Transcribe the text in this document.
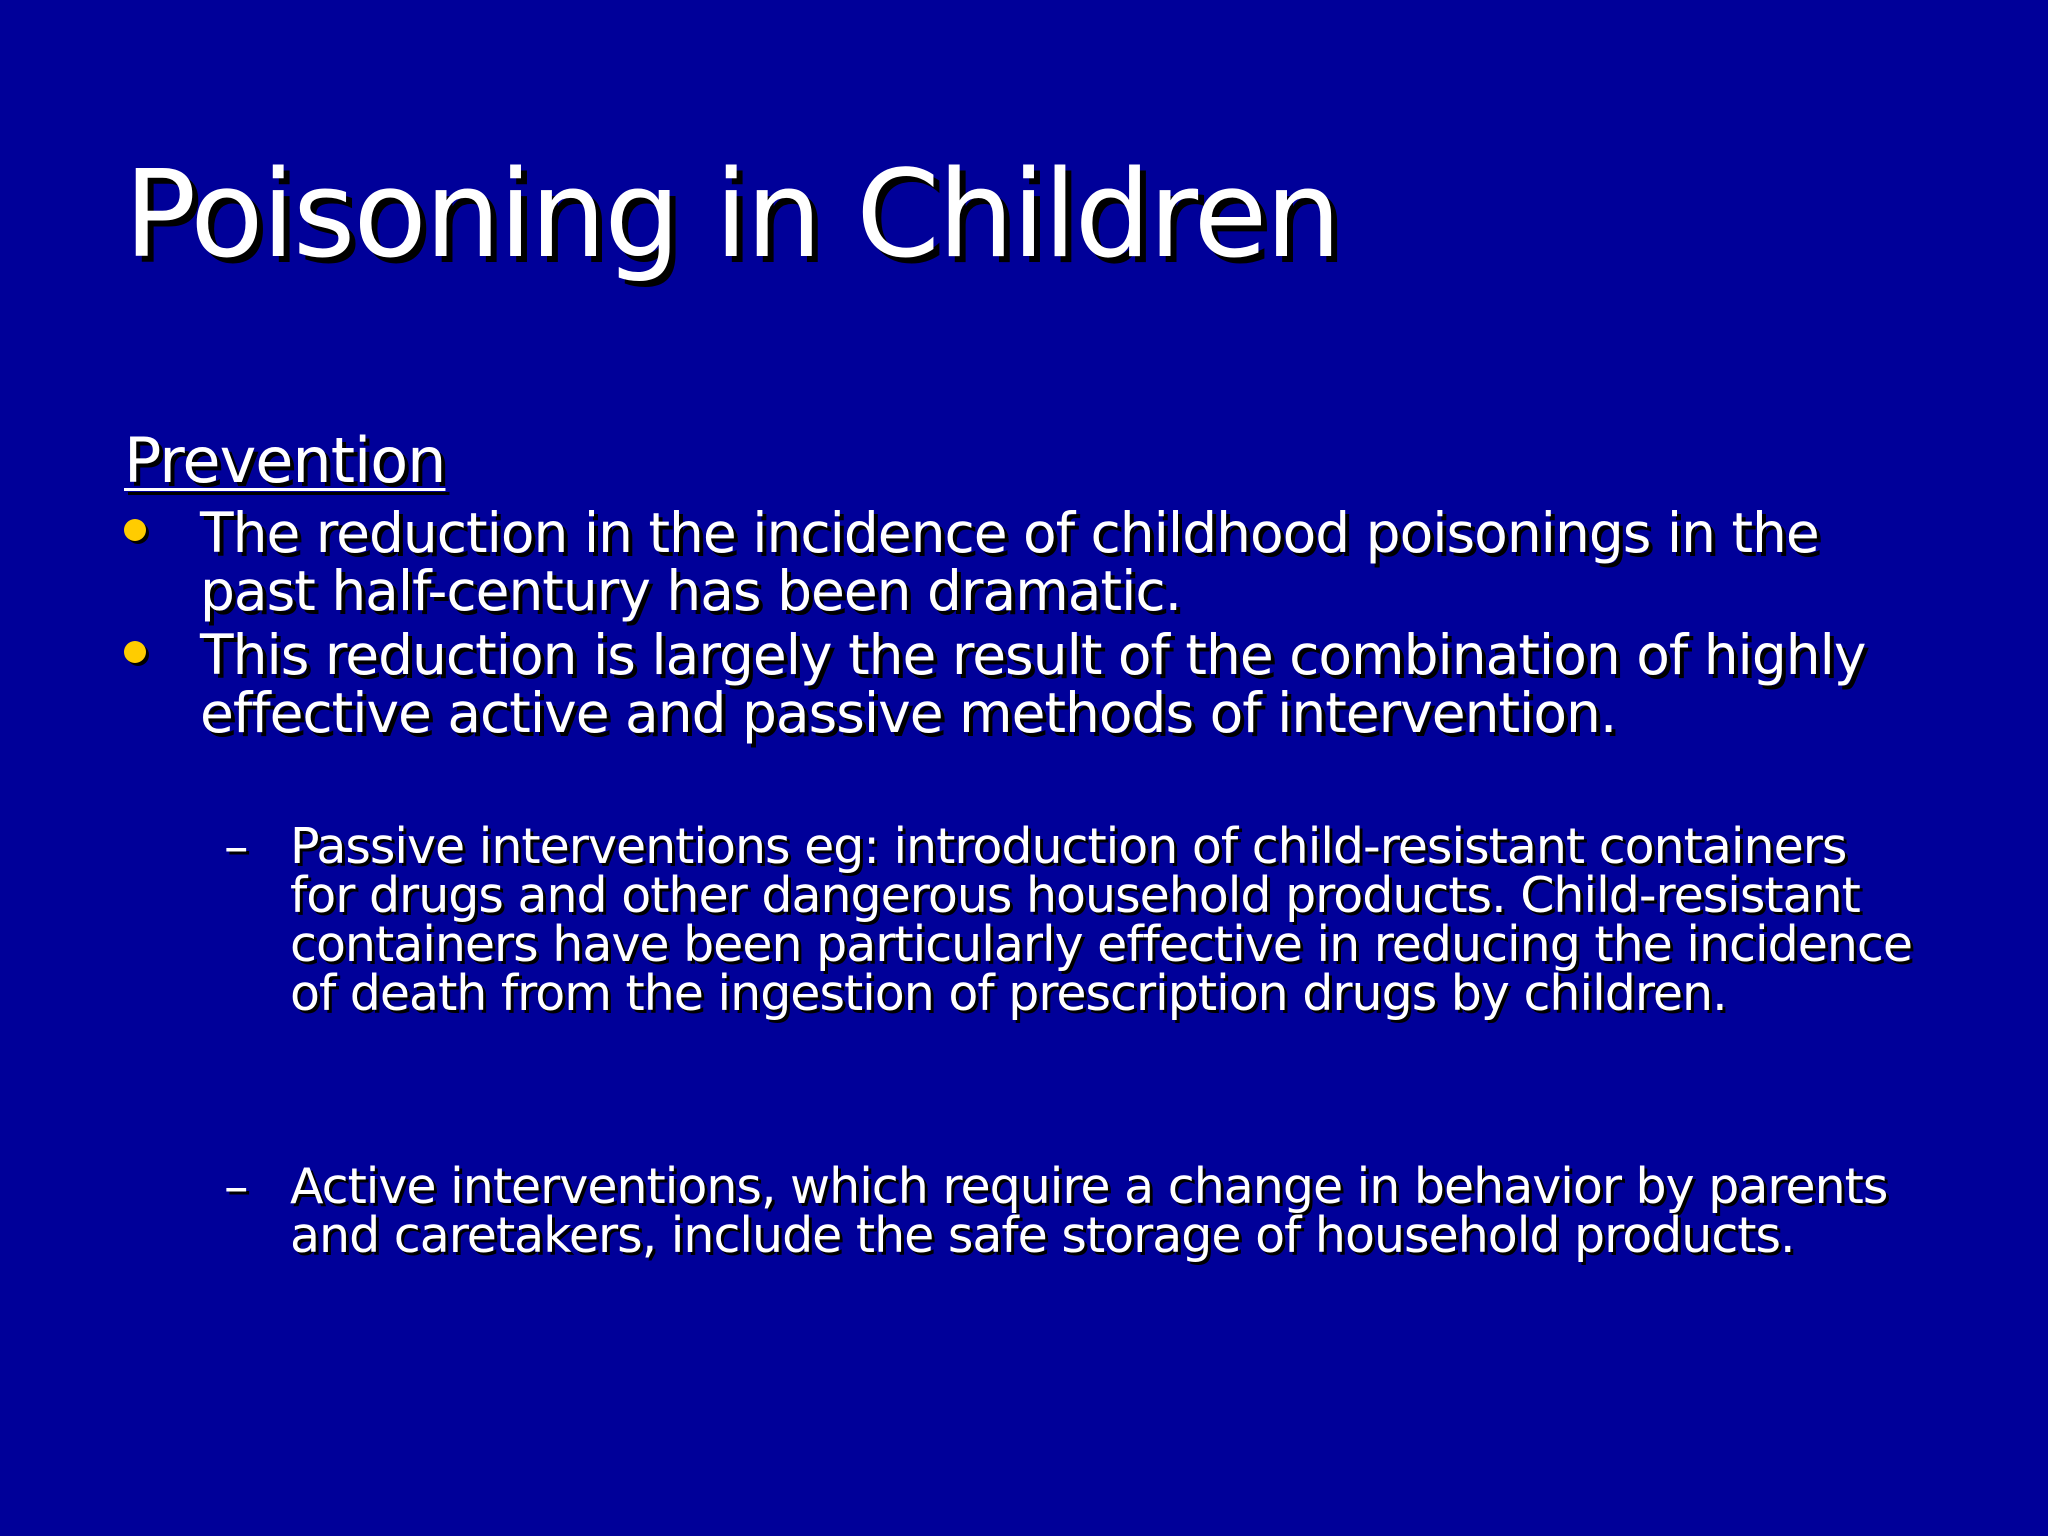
Poisoning in Children

Prevention

The reduction in the incidence of childhood poisonings in the past half-century has been dramatic.
This reduction is largely the result of the combination of highly effective active and passive methods of intervention.
– Passive interventions eg: introduction of child-resistant containers for drugs and other dangerous household products. Child-resistant containers have been particularly effective in reducing the incidence of death from the ingestion of prescription drugs by children.
– Active interventions, which require a change in behavior by parents and caretakers, include the safe storage of household products.
